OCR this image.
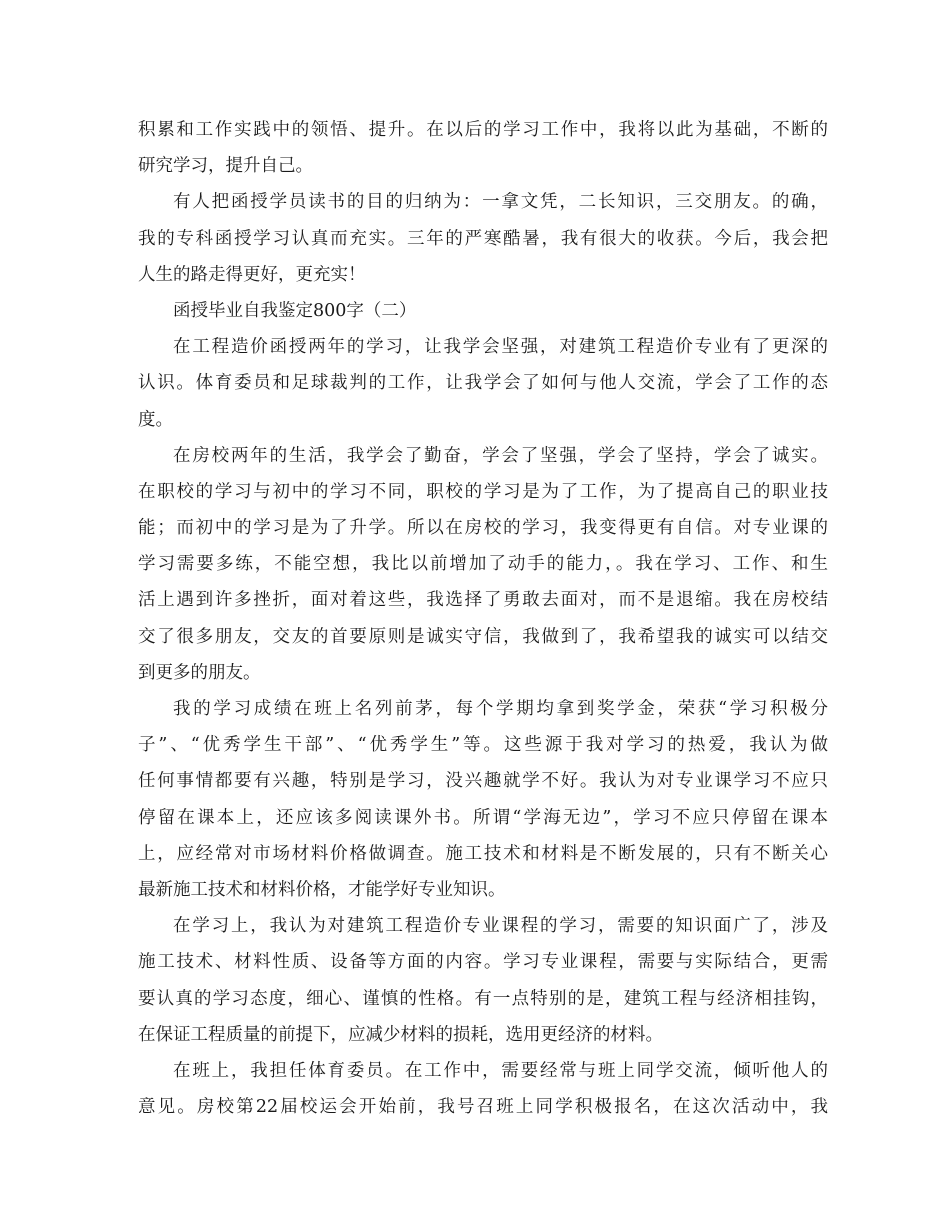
积累和工作实践中的领悟、提升。在以后的学习工作中，我将以此为基础，不断的
研究学习，提升自己。
有人把函授学员读书的目的归纳为：一拿文凭，二长知识，三交朋友。的确，
我的专科函授学习认真而充实。三年的严寒酷暑，我有很大的收获。今后，我会把
人生的路走得更好，更充实！
函授毕业自我鉴定800字（二）
在工程造价函授两年的学习，让我学会坚强，对建筑工程造价专业有了更深的
认识。体育委员和足球裁判的工作，让我学会了如何与他人交流，学会了工作的态
度。
在房校两年的生活，我学会了勤奋，学会了坚强，学会了坚持，学会了诚实。
在职校的学习与初中的学习不同，职校的学习是为了工作，为了提高自己的职业技
能；而初中的学习是为了升学。所以在房校的学习，我变得更有自信。对专业课的
学习需要多练，不能空想，我比以前增加了动手的能力，。我在学习、工作、和生
活上遇到许多挫折，面对着这些，我选择了勇敢去面对，而不是退缩。我在房校结
交了很多朋友，交友的首要原则是诚实守信，我做到了，我希望我的诚实可以结交
到更多的朋友。
我的学习成绩在班上名列前茅，每个学期均拿到奖学金，荣获“学习积极分
子”、“优秀学生干部”、“优秀学生”等。这些源于我对学习的热爱，我认为做
任何事情都要有兴趣，特别是学习，没兴趣就学不好。我认为对专业课学习不应只
停留在课本上，还应该多阅读课外书。所谓“学海无边”，学习不应只停留在课本
上，应经常对市场材料价格做调查。施工技术和材料是不断发展的，只有不断关心
最新施工技术和材料价格，才能学好专业知识。
在学习上，我认为对建筑工程造价专业课程的学习，需要的知识面广了，涉及
施工技术、材料性质、设备等方面的内容。学习专业课程，需要与实际结合，更需
要认真的学习态度，细心、谨慎的性格。有一点特别的是，建筑工程与经济相挂钩，
在保证工程质量的前提下，应减少材料的损耗，选用更经济的材料。
在班上，我担任体育委员。在工作中，需要经常与班上同学交流，倾听他人的
意见。房校第22届校运会开始前，我号召班上同学积极报名，在这次活动中，我
